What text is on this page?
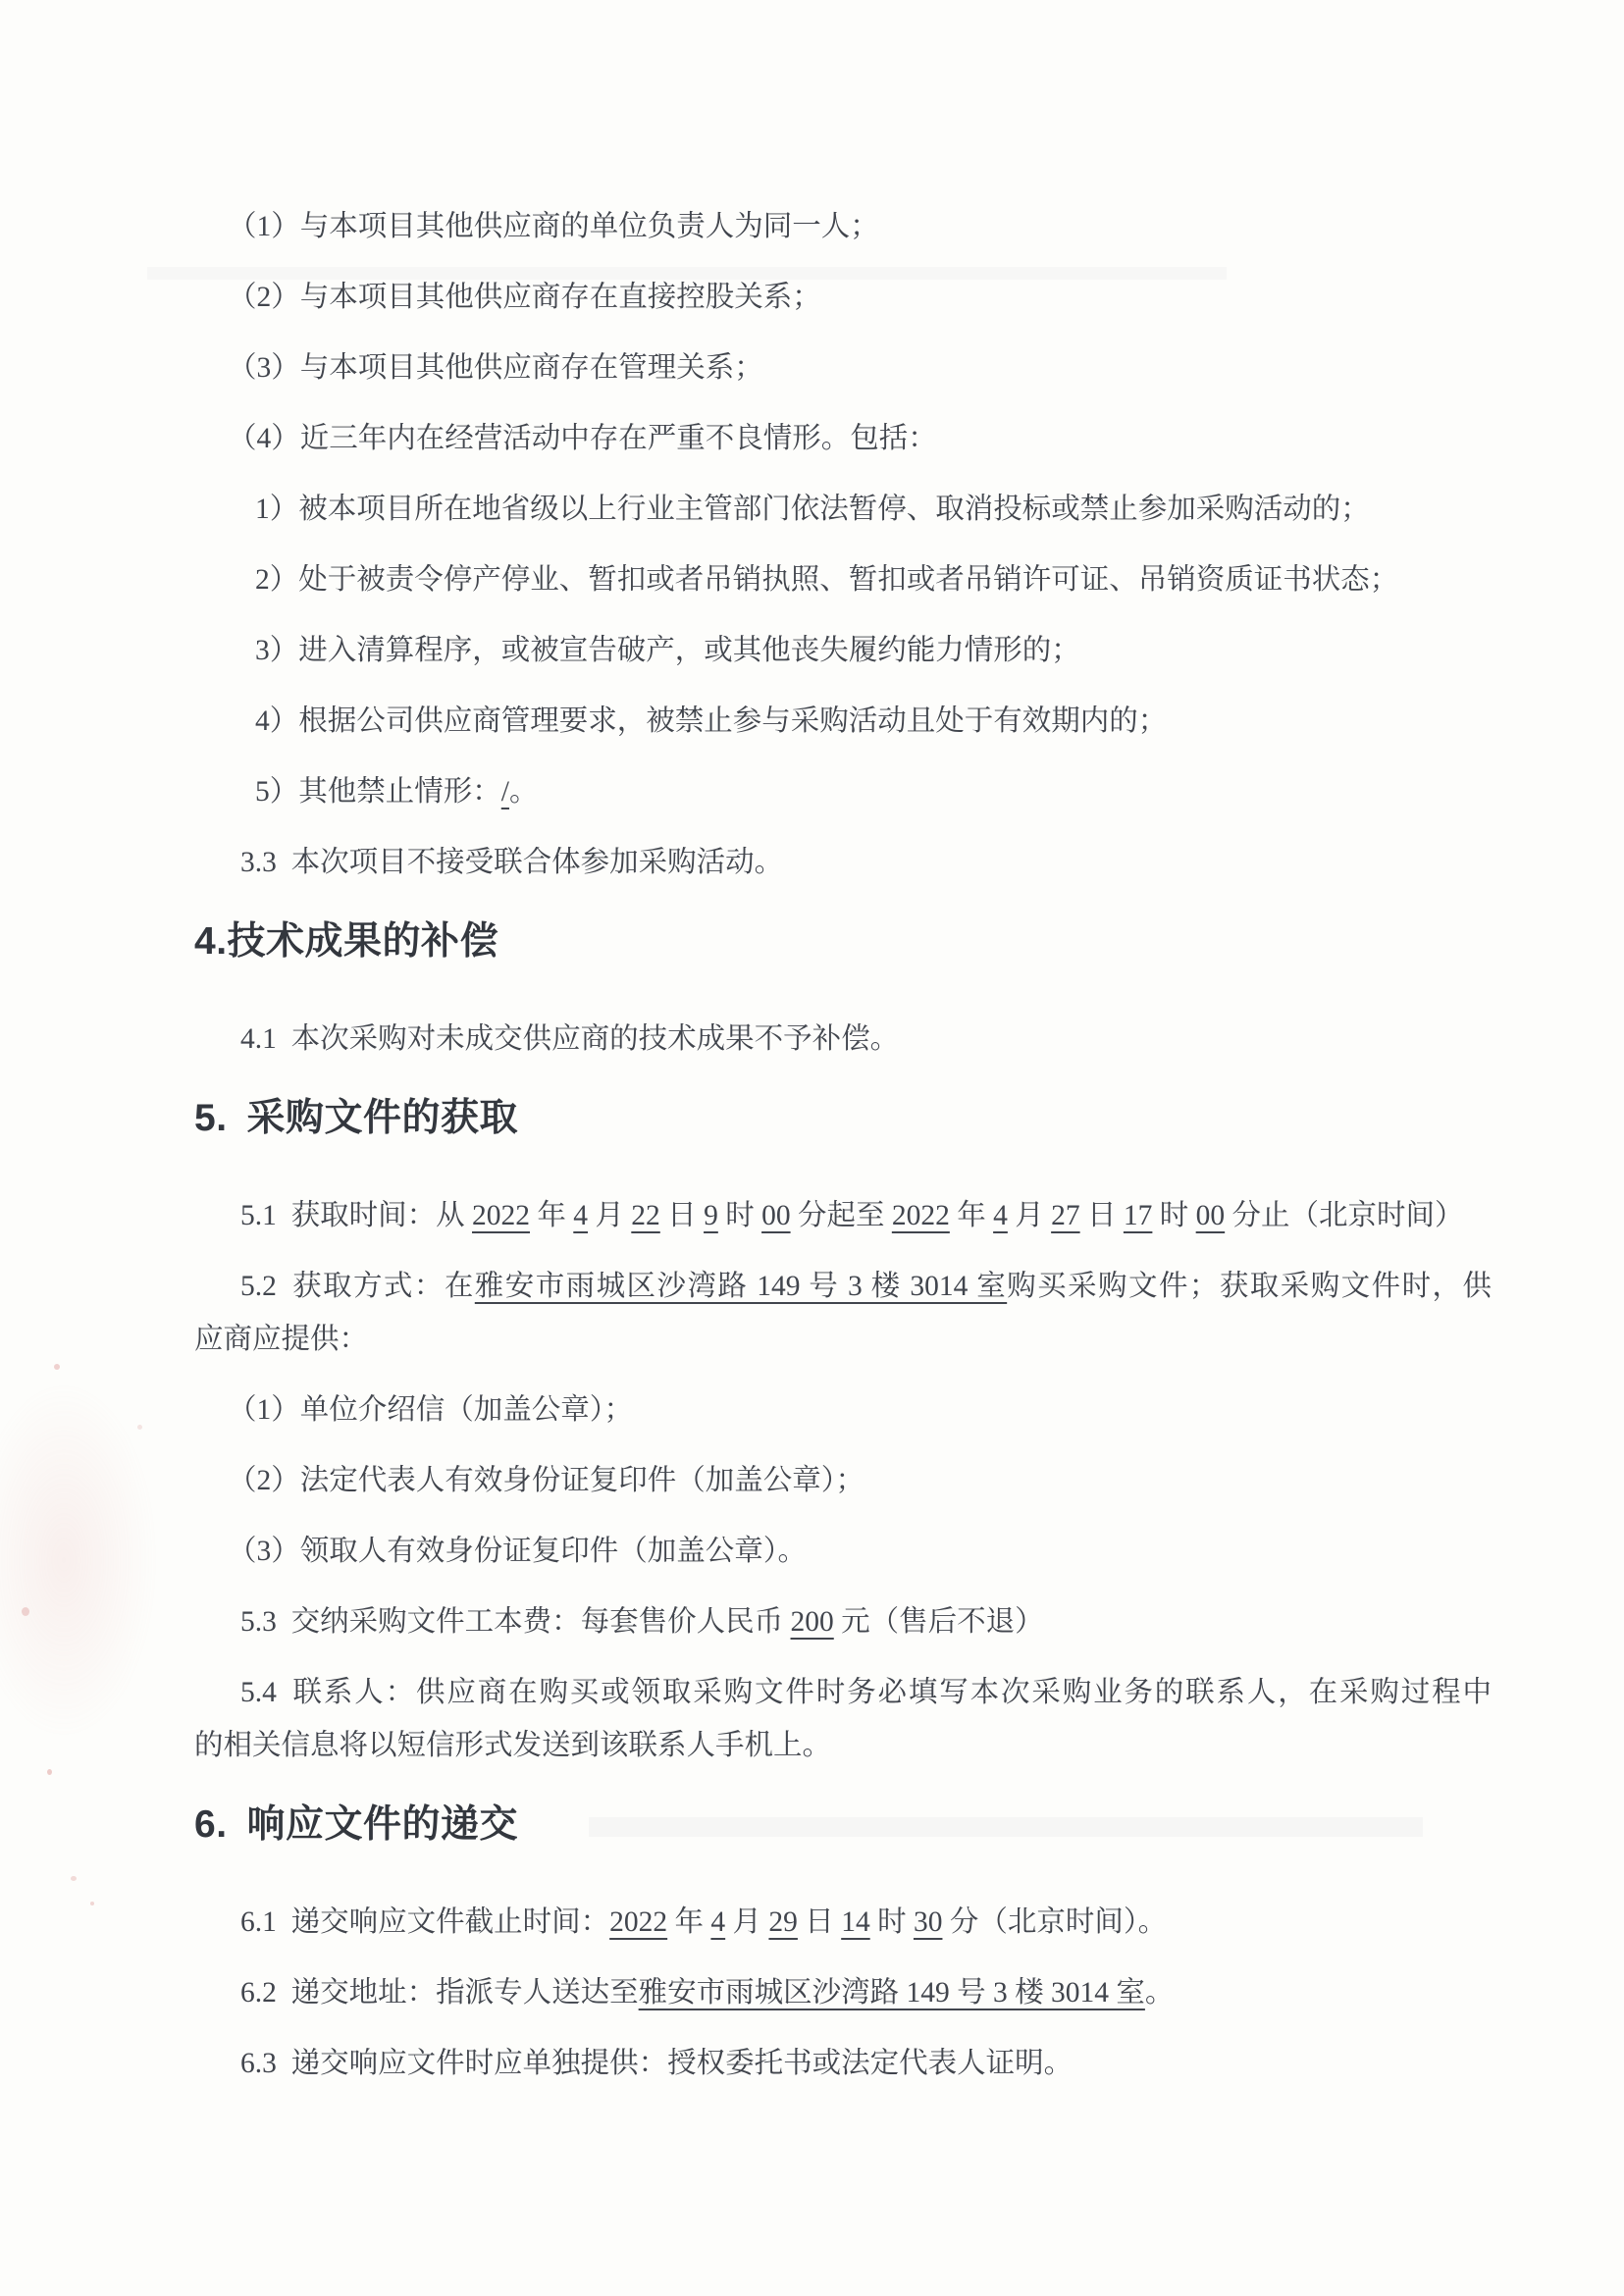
（1）与本项目其他供应商的单位负责人为同一人；
（2）与本项目其他供应商存在直接控股关系；
（3）与本项目其他供应商存在管理关系；
（4）近三年内在经营活动中存在严重不良情形。包括：
1）被本项目所在地省级以上行业主管部门依法暂停、取消投标或禁止参加采购活动的；
2）处于被责令停产停业、暂扣或者吊销执照、暂扣或者吊销许可证、吊销资质证书状态；
3）进入清算程序，或被宣告破产，或其他丧失履约能力情形的；
4）根据公司供应商管理要求，被禁止参与采购活动且处于有效期内的；
5）其他禁止情形：/。
3.3 本次项目不接受联合体参加采购活动。
4.技术成果的补偿
4.1 本次采购对未成交供应商的技术成果不予补偿。
5. 采购文件的获取
5.1 获取时间：从 2022 年 4 月 22 日 9 时 00 分起至 2022 年 4 月 27 日 17 时 00 分止（北京时间）
5.2 获取方式：在雅安市雨城区沙湾路 149 号 3 楼 3014 室购买采购文件；获取采购文件时，供
应商应提供：
（1）单位介绍信（加盖公章）；
（2）法定代表人有效身份证复印件（加盖公章）；
（3）领取人有效身份证复印件（加盖公章）。
5.3 交纳采购文件工本费：每套售价人民币 200 元（售后不退）
5.4 联系人：供应商在购买或领取采购文件时务必填写本次采购业务的联系人，在采购过程中
的相关信息将以短信形式发送到该联系人手机上。
6. 响应文件的递交
6.1 递交响应文件截止时间：2022 年 4 月 29 日 14 时 30 分（北京时间）。
6.2 递交地址：指派专人送达至雅安市雨城区沙湾路 149 号 3 楼 3014 室。
6.3 递交响应文件时应单独提供：授权委托书或法定代表人证明。
